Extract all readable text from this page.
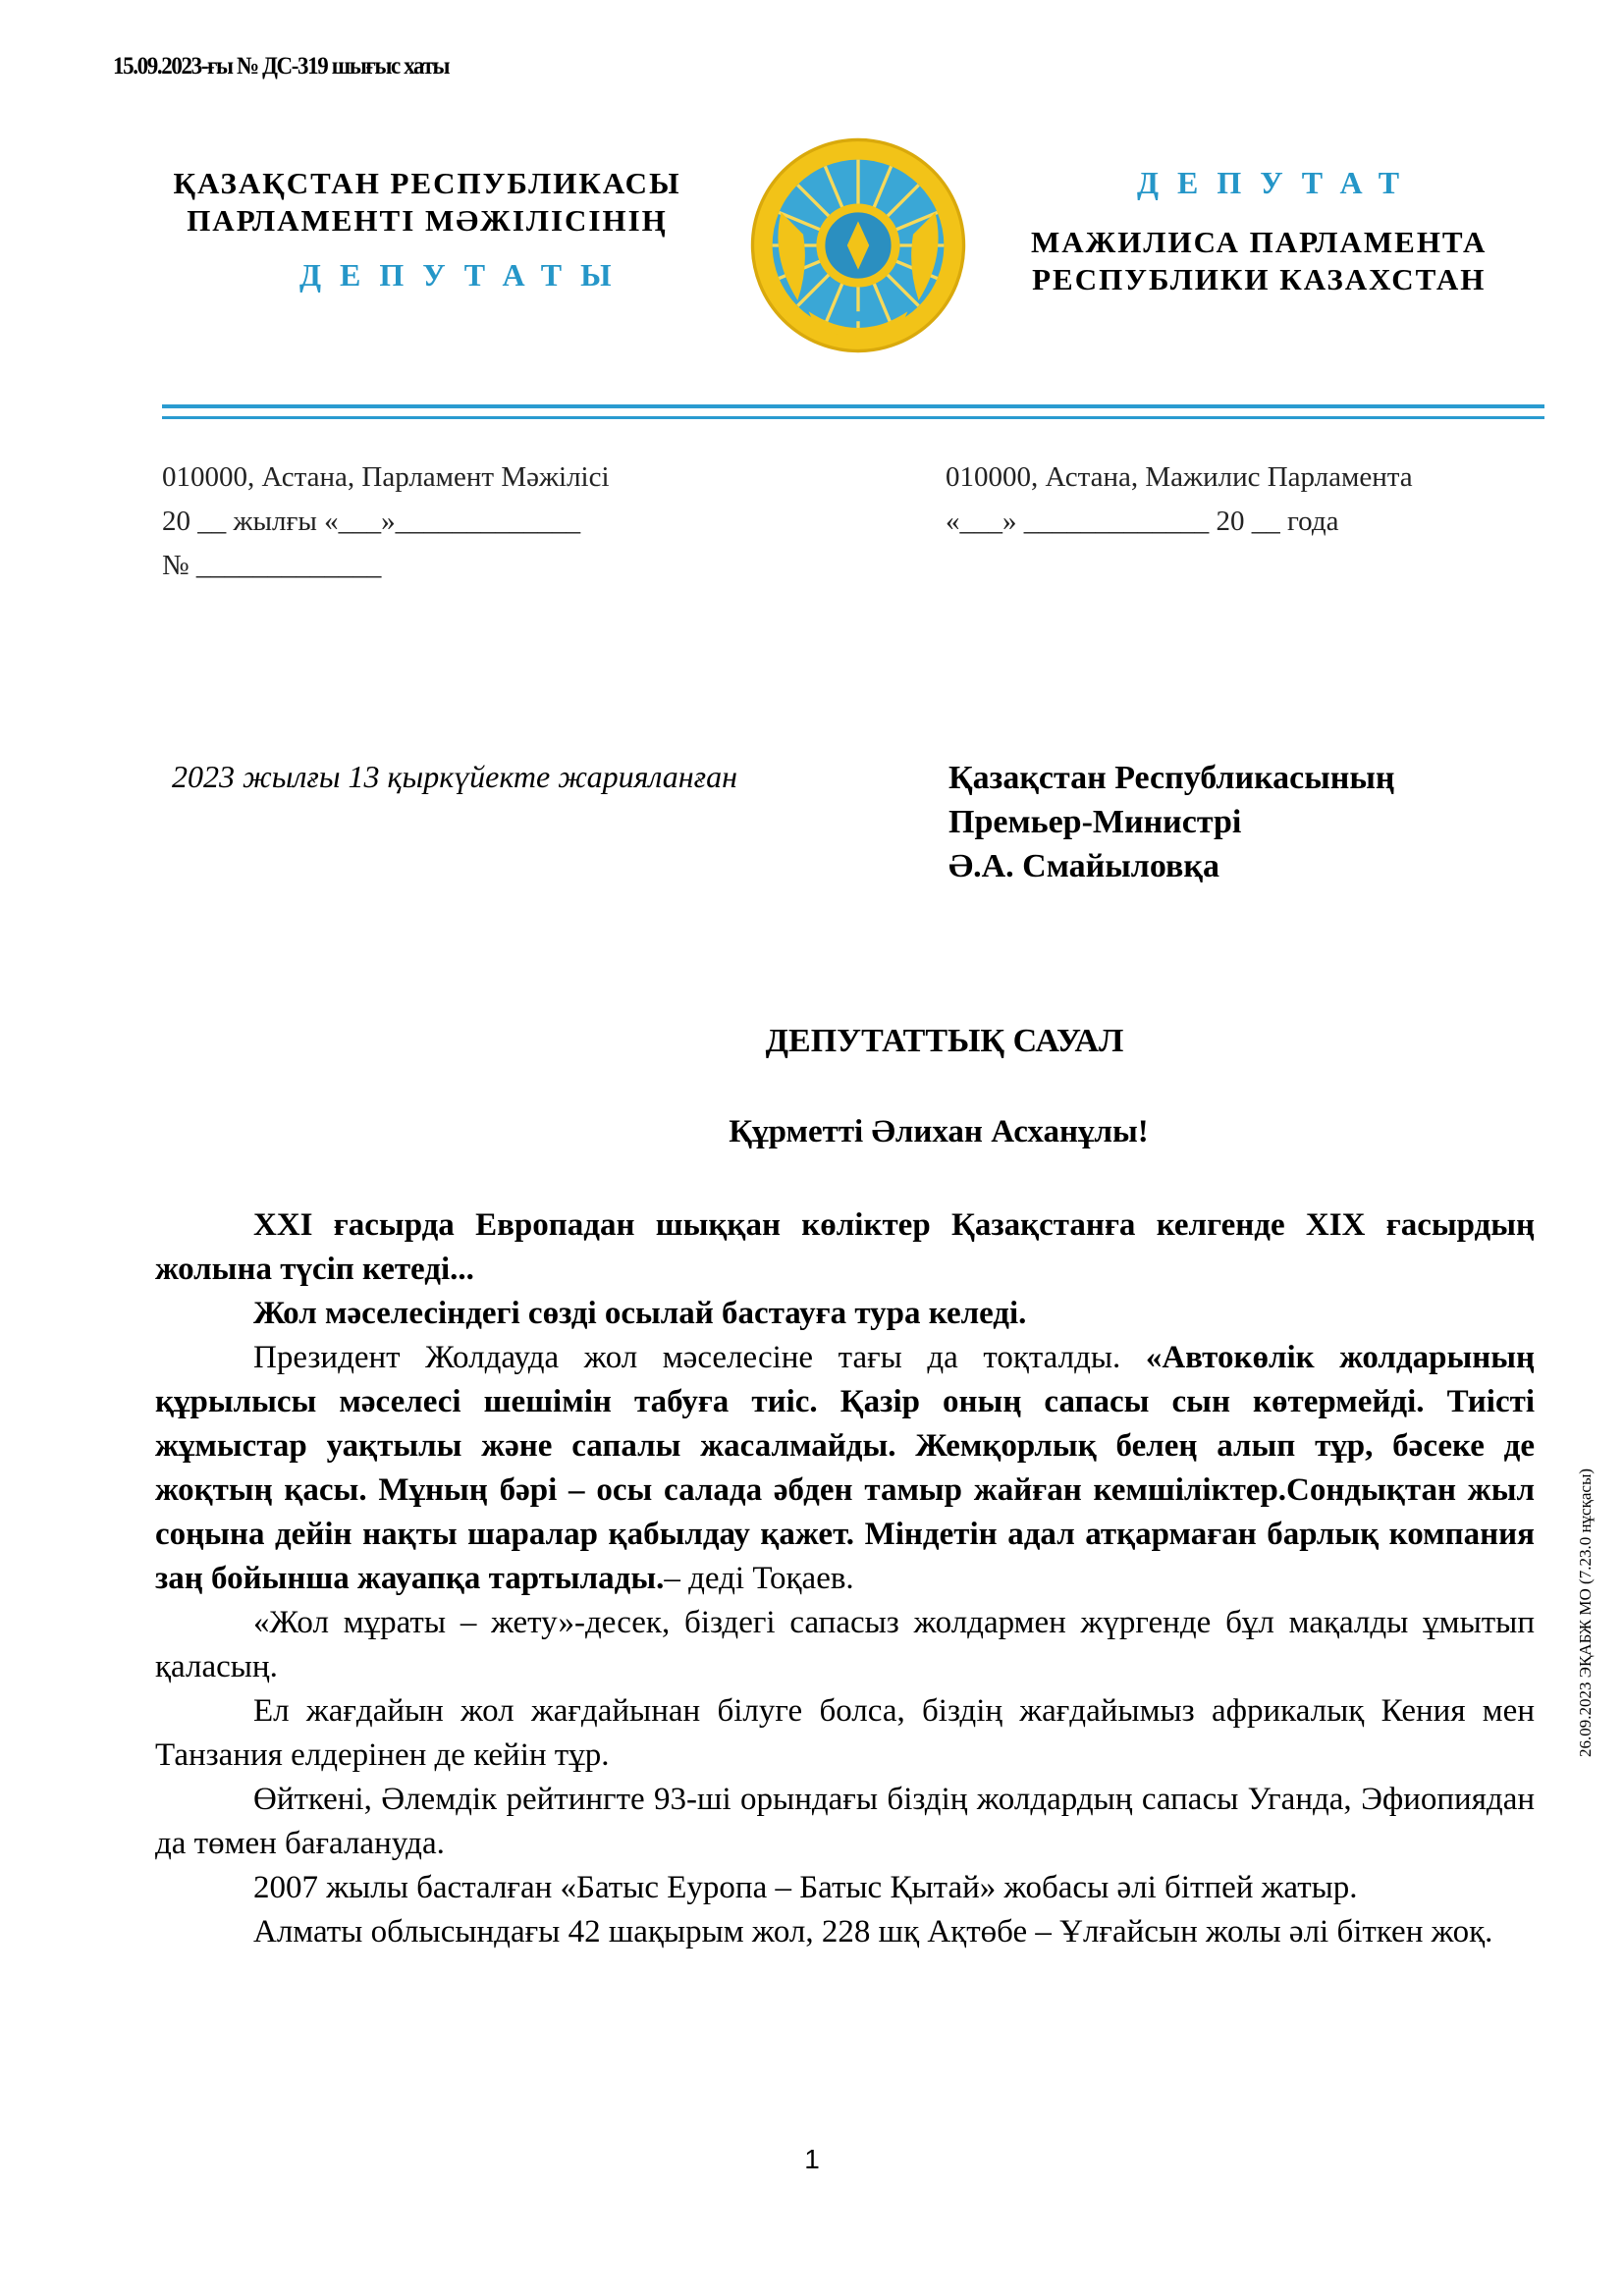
15.09.2023-ғы № ДС-319 шығыс хаты
ҚАЗАҚСТАН РЕСПУБЛИКАСЫ
ПАРЛАМЕНТІ МӘЖІЛІСІНІҢ
ДЕПУТАТЫ
ДЕПУТАТ
МАЖИЛИСА ПАРЛАМЕНТА
РЕСПУБЛИКИ КАЗАХСТАН
010000, Астана, Парламент Мәжілісі
20 __ жылғы «___»_____________
№ _____________
010000, Астана, Мажилис Парламента
«___» _____________ 20 __ года
2023 жылғы 13 қыркүйекте жарияланған	Қазақстан Республикасының
Премьер-Министрі
Ә.А. Смайыловқа
ДЕПУТАТТЫҚ САУАЛ
Құрметті Әлихан Асханұлы!

XXI ғасырда Европадан шыққан көліктер Қазақстанға келгенде XIX ғасырдың жолына түсіп кетеді...

Жол мәселесіндегі сөзді осылай бастауға тура келеді.

Президент Жолдауда жол мәселесіне тағы да тоқталды. «Автокөлік жолдарының құрылысы мәселесі шешімін табуға тиіс. Қазір оның сапасы сын көтермейді. Тиісті жұмыстар уақтылы және сапалы жасалмайды. Жемқорлық белең алып тұр, бәсеке де жоқтың қасы. Мұның бәрі – осы салада әбден тамыр жайған кемшіліктер.Сондықтан жыл соңына дейін нақты шаралар қабылдау қажет. Міндетін адал атқармаған барлық компания заң бойынша жауапқа тартылады.– деді Тоқаев.

«Жол мұраты – жету»-десек, біздегі сапасыз жолдармен жүргенде бұл мақалды ұмытып қаласың.

Ел жағдайын жол жағдайынан білуге болса, біздің жағдайымыз африкалық Кения мен Танзания елдерінен де кейін тұр.

Өйткені, Әлемдік рейтингте 93-ші орындағы біздің жолдардың сапасы Уганда, Эфиопиядан да төмен бағалануда.

2007 жылы басталған «Батыс Еуропа – Батыс Қытай» жобасы әлі бітпей жатыр.

Алматы облысындағы 42 шақырым жол, 228 шқ Ақтөбе – Ұлғайсын жолы әлі біткен жоқ.

1
26.09.2023 ЭҚАБЖ МО (7.23.0 нұсқасы)
